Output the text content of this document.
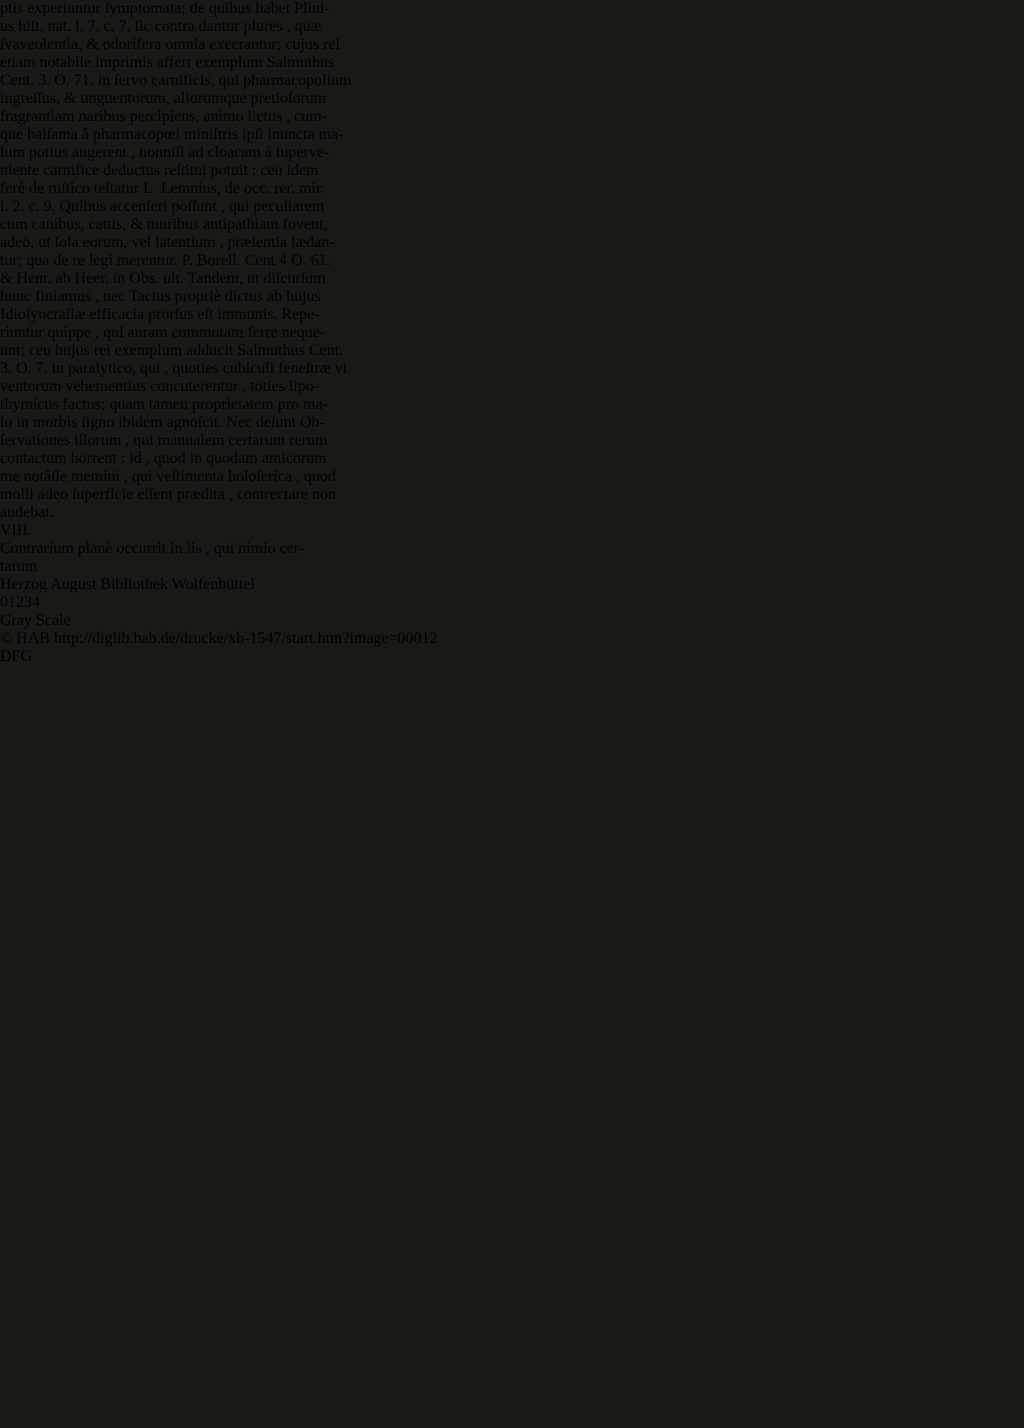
ptis experiuntur ſymptomata; de quibus habet Plini-
us hiſt. nat. l. 7. c. 7. ſic contra dantur plures , quæ
ſvaveolentia, & odorifera omnia execrantur; cujus rei
etiam notabile imprimis affert exemplum Salmuthus
Cent. 3. O. 71. in ſervo carnificis, qui pharmacopolium
ingreſſus, & unguentorum, aliorumque pretioſorum
fragrantiam naribus percipiens, animo lictus , cum-
que balſama â pharmacopœi miniſtris ipſi inuncta ma-
lum potius augerent , nonniſi ad cloacam â ſuperve-
niente carnifice deductus reſtitui potuit : ceu idem
ferè de ruſtico teſtatur L. Lemnius, de occ. rer. mir.
l. 2. c. 9. Quibus accenſeri poſſunt , qui peculiarem
cum canibus, cattis, & muribus antipathiam fovent,
adeò, ut ſola eorum, vel latentium , præſentia lædan-
tur; qua de re legi merentur. P. Borell. Cent 4 O. 61.
& Henr. ab Heer. in Obs. ult. Tandem, ut diſcurſum
hunc finiamus , nec Tactus propriè dictus ab hujus
Idioſyncraſiæ efficacia prorſus eſt immunis. Repe-
riuntur quippe , qui auram commotam ferre neque-
unt; ceu hujus rei exemplum adducit Salmuthus Cent.
3. O. 7. in paralytico, qui , quoties cubiculi feneſtræ vi
ventorum vehementius concuterentur , toties lipo-
thymicus factus; quam tamen proprietatem pro ma-
lo in morbis ſigno ibidem agnoſcit. Nec deſunt Ob-
ſervationes illorum , qui manualem certarum rerum
contactum horrent : id , quod in quodam amicorum
me notâſſe memini , qui veſtimenta holoſerica , quod
molli adeo ſuperficie eſſent prædita , contrectare non
audebat.
VIII.
Contrarium planè occurrit in iis , qui nimio cer-
tarum
Herzog August Bibliothek Wolfenbüttel
01234
Gray Scale
© HAB http://diglib.hab.de/drucke/xb-1547/start.htm?image=00012
DFG
